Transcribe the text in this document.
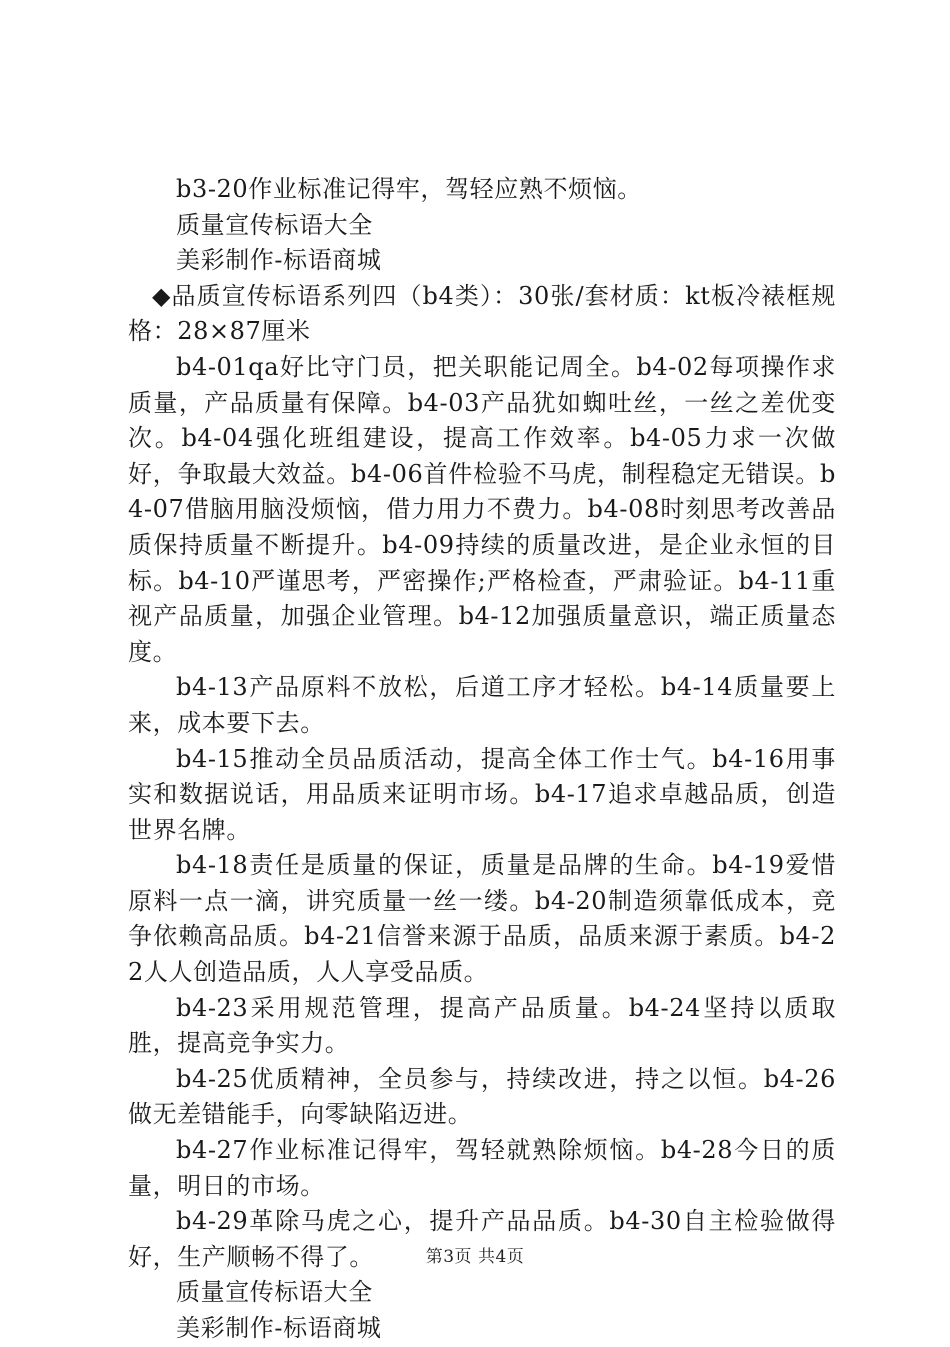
b3-20作业标准记得牢，驾轻应熟不烦恼。

质量宣传标语大全

美彩制作-标语商城

◆品质宣传标语系列四（b4类）：30张/套材质：kt板冷裱框规格：28×87厘米

b4-01qa好比守门员，把关职能记周全。b4-02每项操作求质量，产品质量有保障。b4-03产品犹如蜘吐丝，一丝之差优变次。b4-04强化班组建设，提高工作效率。b4-05力求一次做好，争取最大效益。b4-06首件检验不马虎，制程稳定无错误。b4-07借脑用脑没烦恼，借力用力不费力。b4-08时刻思考改善品质保持质量不断提升。b4-09持续的质量改进，是企业永恒的目标。b4-10严谨思考，严密操作;严格检查，严肃验证。b4-11重视产品质量，加强企业管理。b4-12加强质量意识，端正质量态度。

b4-13产品原料不放松，后道工序才轻松。b4-14质量要上来，成本要下去。

b4-15推动全员品质活动，提高全体工作士气。b4-16用事实和数据说话，用品质来证明市场。b4-17追求卓越品质，创造世界名牌。

b4-18责任是质量的保证，质量是品牌的生命。b4-19爱惜原料一点一滴，讲究质量一丝一缕。b4-20制造须靠低成本，竞争依赖高品质。b4-21信誉来源于品质，品质来源于素质。b4-22人人创造品质，人人享受品质。

b4-23采用规范管理，提高产品质量。b4-24坚持以质取胜，提高竞争实力。

b4-25优质精神，全员参与，持续改进，持之以恒。b4-26做无差错能手，向零缺陷迈进。

b4-27作业标准记得牢，驾轻就熟除烦恼。b4-28今日的质量，明日的市场。

b4-29革除马虎之心，提升产品品质。b4-30自主检验做得好，生产顺畅不得了。

质量宣传标语大全

美彩制作-标语商城

第3页 共4页
